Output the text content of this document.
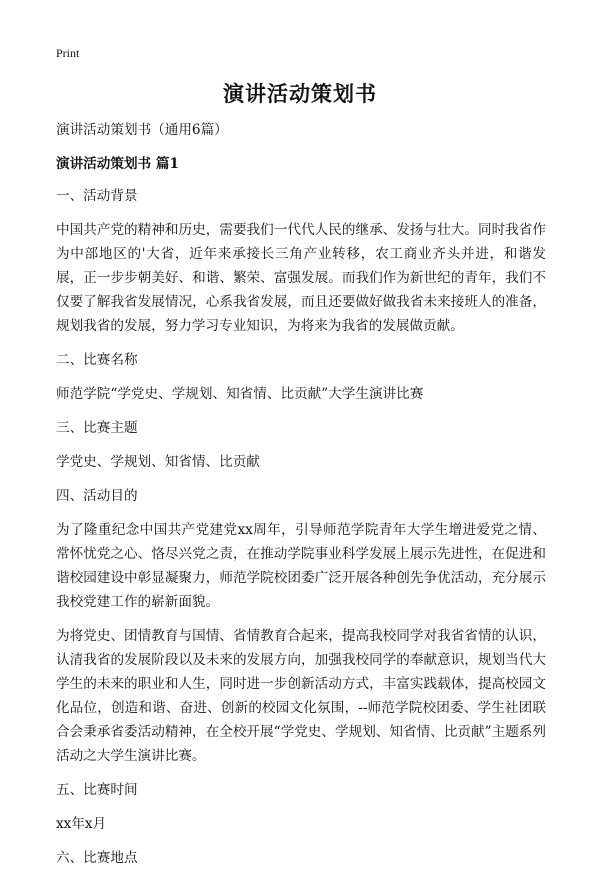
Print
演讲活动策划书

演讲活动策划书（通用6篇）

演讲活动策划书 篇1

一、活动背景

中国共产党的精神和历史，需要我们一代代人民的继承、发扬与壮大。同时我省作为中部地区的'大省，近年来承接长三角产业转移，农工商业齐头并进，和谐发展，正一步步朝美好、和谐、繁荣、富强发展。而我们作为新世纪的青年，我们不仅要了解我省发展情况，心系我省发展，而且还要做好做我省未来接班人的准备，规划我省的发展，努力学习专业知识，为将来为我省的发展做贡献。

二、比赛名称

师范学院“学党史、学规划、知省情、比贡献”大学生演讲比赛

三、比赛主题

学党史、学规划、知省情、比贡献

四、活动目的

为了隆重纪念中国共产党建党xx周年，引导师范学院青年大学生增进爱党之情、常怀忧党之心、恪尽兴党之责，在推动学院事业科学发展上展示先进性，在促进和谐校园建设中彰显凝聚力，师范学院校团委广泛开展各种创先争优活动，充分展示我校党建工作的崭新面貌。

为将党史、团情教育与国情、省情教育合起来，提高我校同学对我省省情的认识，认清我省的发展阶段以及未来的发展方向，加强我校同学的奉献意识，规划当代大学生的未来的职业和人生，同时进一步创新活动方式，丰富实践载体，提高校园文化品位，创造和谐、奋进、创新的校园文化氛围，--师范学院校团委、学生社团联合会秉承省委活动精神，在全校开展“学党史、学规划、知省情、比贡献”主题系列活动之大学生演讲比赛。

五、比赛时间

xx年x月

六、比赛地点
